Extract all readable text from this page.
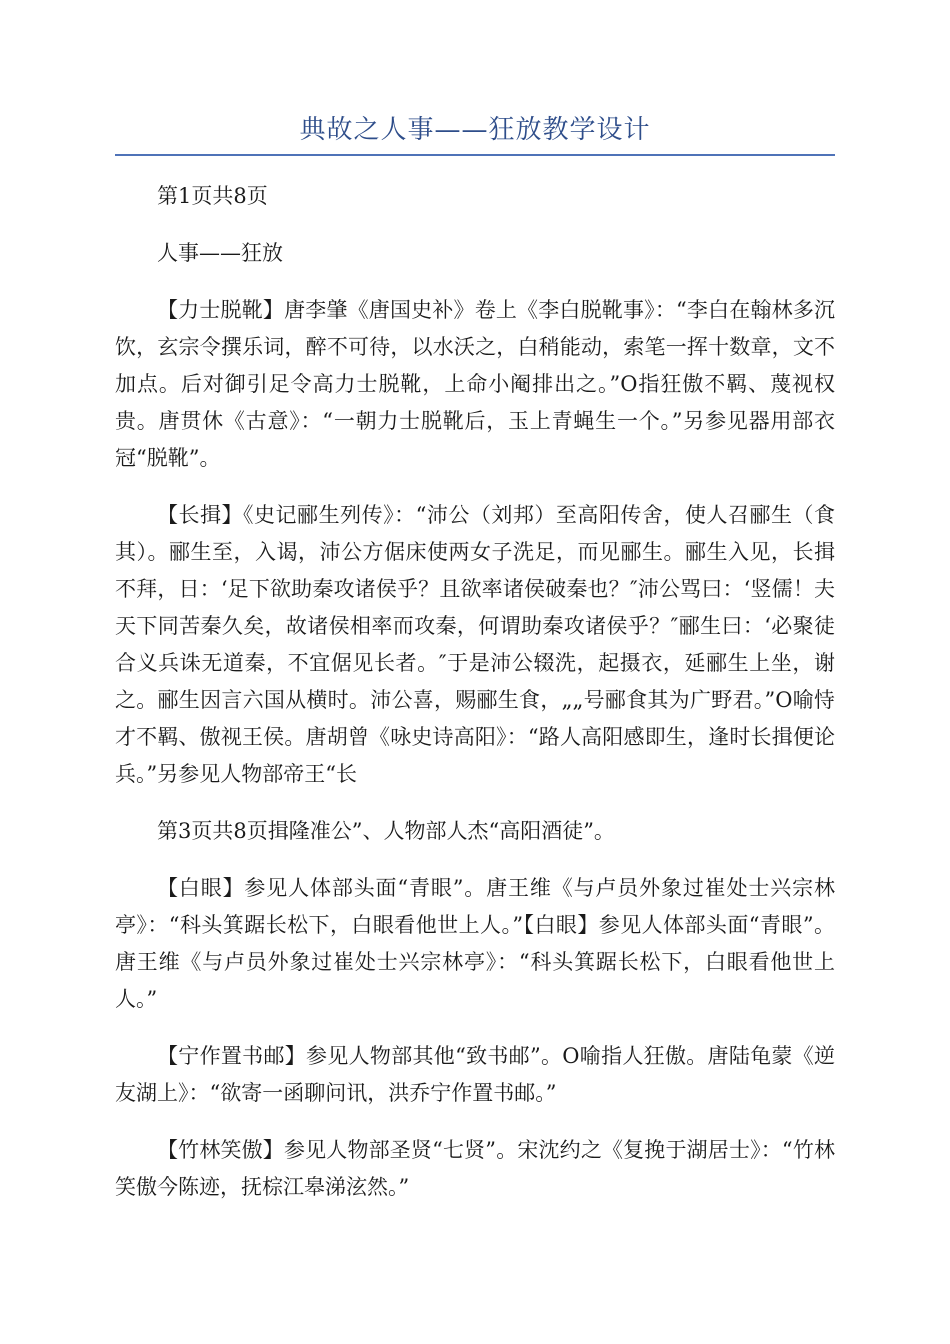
典故之人事——狂放教学设计

第1页共8页

人事——狂放

【力士脱靴】唐李肇《唐国史补》卷上《李白脱靴事》：“李白在翰林多沉饮，玄宗令撰乐词，醉不可待，以水沃之，白稍能动，索笔一挥十数章，文不加点。后对御引足令高力士脱靴，上命小阉排出之。”O指狂傲不羁、蔑视权贵。唐贯休《古意》：“一朝力士脱靴后，玉上青蝇生一个。”另参见器用部衣冠“脱靴”。

【长揖】《史记郦生列传》：“沛公（刘邦）至高阳传舍，使人召郦生（食其）。郦生至，入谒，沛公方倨床使两女子洗足，而见郦生。郦生入见，长揖不拜，日：‘足下欲助秦攻诸侯乎？且欲率诸侯破秦也？″沛公骂曰：‘竖儒！夫天下同苦秦久矣，故诸侯相率而攻秦，何谓助秦攻诸侯乎？″郦生曰：‘必聚徒合义兵诛无道秦，不宜倨见长者。″于是沛公辍洗，起摄衣，延郦生上坐，谢之。郦生因言六国从横时。沛公喜，赐郦生食，„„号郦食其为广野君。”O喻恃才不羁、傲视王侯。唐胡曾《咏史诗高阳》：“路人高阳感即生，逢时长揖便论兵。”另参见人物部帝王“长

第3页共8页揖隆准公”、人物部人杰“高阳酒徒”。

【白眼】参见人体部头面“青眼”。唐王维《与卢员外象过崔处士兴宗林亭》：“科头箕踞长松下，白眼看他世上人。”【白眼】参见人体部头面“青眼”。唐王维《与卢员外象过崔处士兴宗林亭》：“科头箕踞长松下，白眼看他世上人。”

【宁作置书邮】参见人物部其他“致书邮”。O喻指人狂傲。唐陆龟蒙《逆友湖上》：“欲寄一函聊问讯，洪乔宁作置书邮。”

【竹林笑傲】参见人物部圣贤“七贤”。宋沈约之《复挽于湖居士》：“竹林笑傲今陈迹，抚棕江皋涕泫然。”
